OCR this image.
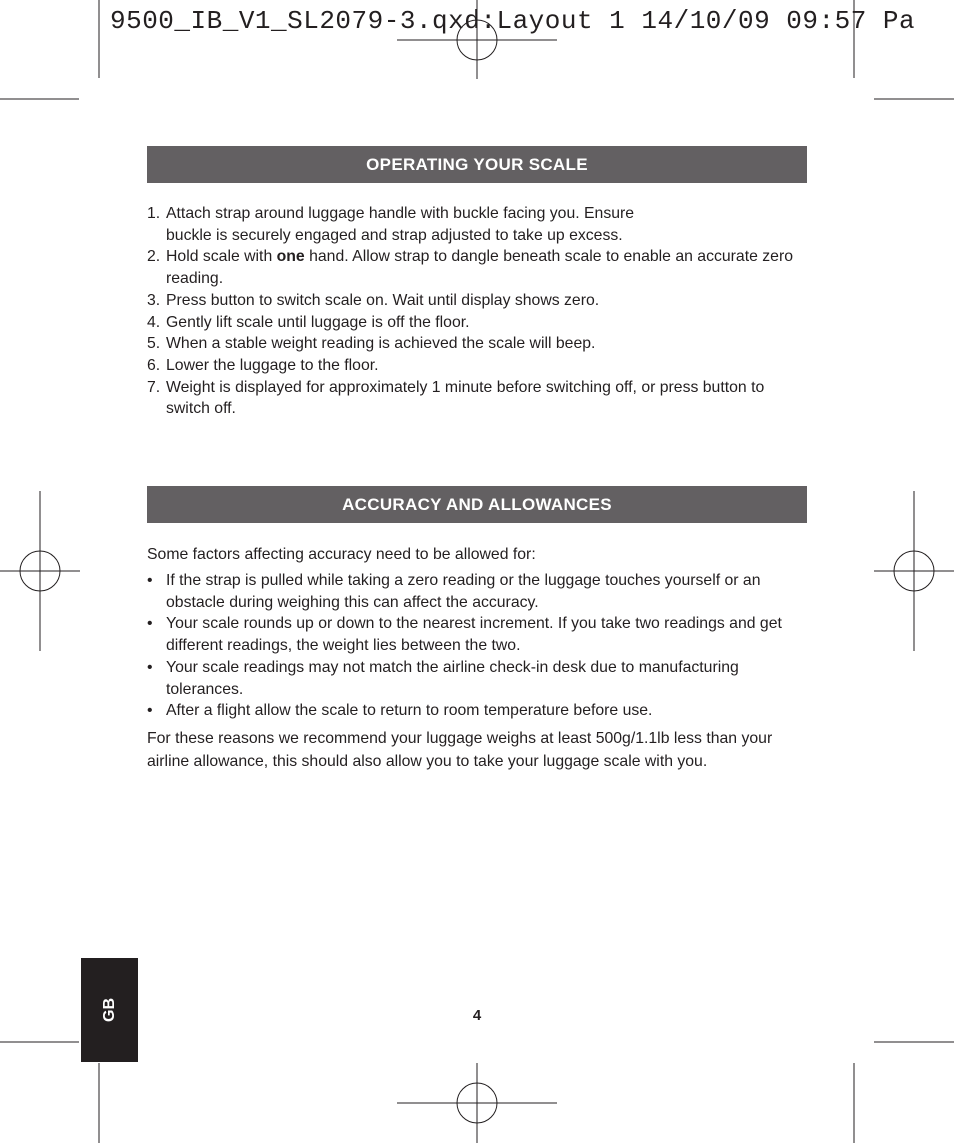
9500_IB_V1_SL2079-3.qxd:Layout 1 14/10/09 09:57 Pa
OPERATING YOUR SCALE
1. Attach strap around luggage handle with buckle facing you. Ensure
buckle is securely engaged and strap adjusted to take up excess.
2. Hold scale with one hand. Allow strap to dangle beneath scale to enable an accurate zero reading.
3. Press button to switch scale on. Wait until display shows zero.
4. Gently lift scale until luggage is off the floor.
5. When a stable weight reading is achieved the scale will beep.
6. Lower the luggage to the floor.
7. Weight is displayed for approximately 1 minute before switching off, or press button to switch off.
ACCURACY AND ALLOWANCES

Some factors affecting accuracy need to be allowed for:

• If the strap is pulled while taking a zero reading or the luggage touches yourself or an obstacle during weighing this can affect the accuracy.
• Your scale rounds up or down to the nearest increment. If you take two readings and get different readings, the weight lies between the two.
• Your scale readings may not match the airline check-in desk due to manufacturing tolerances.
• After a flight allow the scale to return to room temperature before use.

For these reasons we recommend your luggage weighs at least 500g/1.1lb less than your airline allowance, this should also allow you to take your luggage scale with you.

GB	4
